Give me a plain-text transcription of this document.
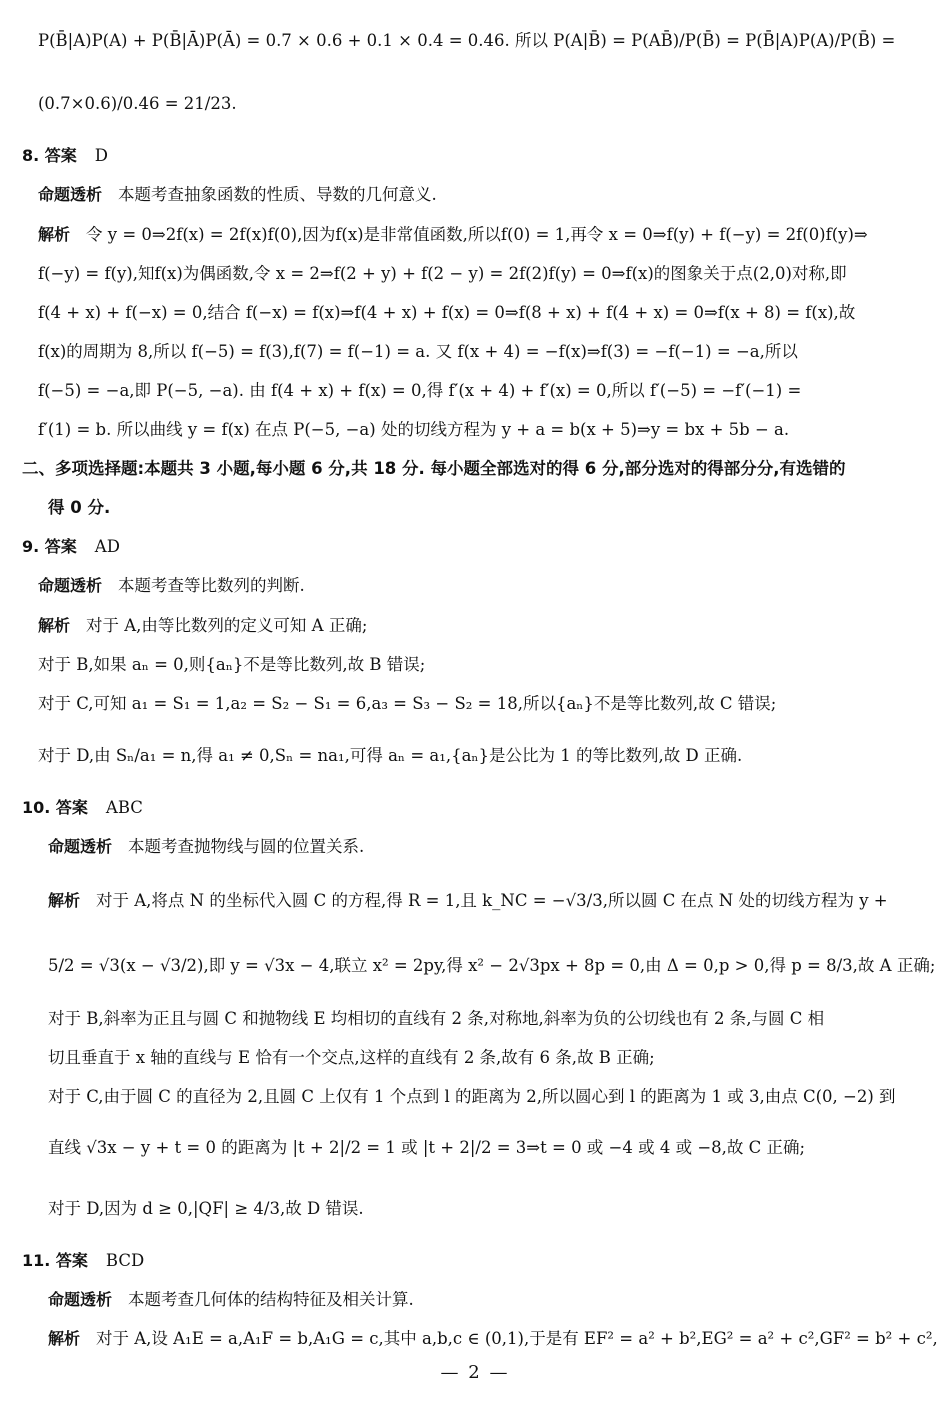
P(B̄|A)P(A) + P(B̄|Ā)P(Ā) = 0.7 × 0.6 + 0.1 × 0.4 = 0.46. 所以 P(A|B̄) = P(AB̄)/P(B̄) = P(B̄|A)P(A)/P(B̄) =
(0.7×0.6)/0.46 = 21/23.
8. 答案 D
命题透析 本题考查抽象函数的性质、导数的几何意义.
解析 令 y = 0⇒2f(x) = 2f(x)f(0),因为f(x)是非常值函数,所以f(0) = 1,再令 x = 0⇒f(y) + f(−y) = 2f(0)f(y)⇒
f(−y) = f(y),知f(x)为偶函数,令 x = 2⇒f(2 + y) + f(2 − y) = 2f(2)f(y) = 0⇒f(x)的图象关于点(2,0)对称,即
f(4 + x) + f(−x) = 0,结合 f(−x) = f(x)⇒f(4 + x) + f(x) = 0⇒f(8 + x) + f(4 + x) = 0⇒f(x + 8) = f(x),故
f(x)的周期为 8,所以 f(−5) = f(3),f(7) = f(−1) = a. 又 f(x + 4) = −f(x)⇒f(3) = −f(−1) = −a,所以
f(−5) = −a,即 P(−5, −a). 由 f(4 + x) + f(x) = 0,得 f′(x + 4) + f′(x) = 0,所以 f′(−5) = −f′(−1) =
f′(1) = b. 所以曲线 y = f(x) 在点 P(−5, −a) 处的切线方程为 y + a = b(x + 5)⇒y = bx + 5b − a.
二、多项选择题:本题共 3 小题,每小题 6 分,共 18 分. 每小题全部选对的得 6 分,部分选对的得部分分,有选错的
得 0 分.
9. 答案 AD
命题透析 本题考查等比数列的判断.
解析 对于 A,由等比数列的定义可知 A 正确;
对于 B,如果 aₙ = 0,则{aₙ}不是等比数列,故 B 错误;
对于 C,可知 a₁ = S₁ = 1,a₂ = S₂ − S₁ = 6,a₃ = S₃ − S₂ = 18,所以{aₙ}不是等比数列,故 C 错误;
对于 D,由 Sₙ/a₁ = n,得 a₁ ≠ 0,Sₙ = na₁,可得 aₙ = a₁,{aₙ}是公比为 1 的等比数列,故 D 正确.
10. 答案 ABC
命题透析 本题考查抛物线与圆的位置关系.
解析 对于 A,将点 N 的坐标代入圆 C 的方程,得 R = 1,且 k_NC = −√3/3,所以圆 C 在点 N 处的切线方程为 y +
5/2 = √3(x − √3/2),即 y = √3x − 4,联立 x² = 2py,得 x² − 2√3px + 8p = 0,由 Δ = 0,p > 0,得 p = 8/3,故 A 正确;
对于 B,斜率为正且与圆 C 和抛物线 E 均相切的直线有 2 条,对称地,斜率为负的公切线也有 2 条,与圆 C 相
切且垂直于 x 轴的直线与 E 恰有一个交点,这样的直线有 2 条,故有 6 条,故 B 正确;
对于 C,由于圆 C 的直径为 2,且圆 C 上仅有 1 个点到 l 的距离为 2,所以圆心到 l 的距离为 1 或 3,由点 C(0, −2) 到
直线 √3x − y + t = 0 的距离为 |t + 2|/2 = 1 或 |t + 2|/2 = 3⇒t = 0 或 −4 或 4 或 −8,故 C 正确;
对于 D,因为 d ≥ 0,|QF| ≥ 4/3,故 D 错误.
11. 答案 BCD
命题透析 本题考查几何体的结构特征及相关计算.
解析 对于 A,设 A₁E = a,A₁F = b,A₁G = c,其中 a,b,c ∈ (0,1),于是有 EF² = a² + b²,EG² = a² + c²,GF² = b² + c²,
— 2 —
